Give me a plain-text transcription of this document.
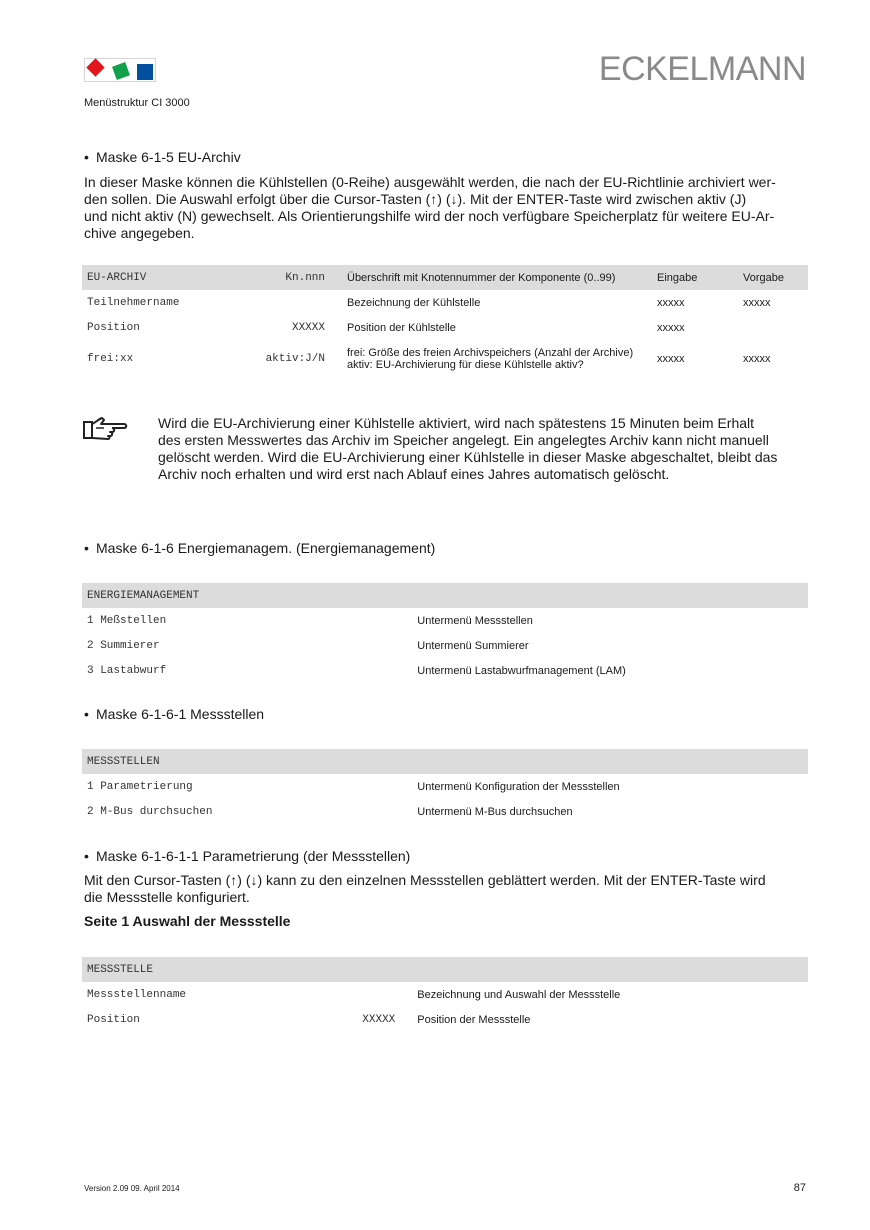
ECKELMANN
Menüstruktur CI 3000
• Maske 6-1-5 EU-Archiv
In dieser Maske können die Kühlstellen (0-Reihe) ausgewählt werden, die nach der EU-Richtlinie archiviert wer-
den sollen. Die Auswahl erfolgt über die Cursor-Tasten (↑) (↓). Mit der ENTER-Taste wird zwischen aktiv (J)
und nicht aktiv (N) gewechselt. Als Orientierungshilfe wird der noch verfügbare Speicherplatz für weitere EU-Ar-
chive angegeben.
EU-ARCHIV	Kn.nnn	Überschrift mit Knotennummer der Komponente (0..99)	Eingabe	Vorgabe
Teilnehmername		Bezeichnung der Kühlstelle	xxxxx	xxxxx
Position	XXXXX	Position der Kühlstelle	xxxxx	
frei:xx	aktiv:J/N	frei: Größe des freien Archivspeichers (Anzahl der Archive)
aktiv: EU-Archivierung für diese Kühlstelle aktiv?	xxxxx	xxxxx
Wird die EU-Archivierung einer Kühlstelle aktiviert, wird nach spätestens 15 Minuten beim Erhalt
des ersten Messwertes das Archiv im Speicher angelegt. Ein angelegtes Archiv kann nicht manuell
gelöscht werden. Wird die EU-Archivierung einer Kühlstelle in dieser Maske abgeschaltet, bleibt das
Archiv noch erhalten und wird erst nach Ablauf eines Jahres automatisch gelöscht.
• Maske 6-1-6 Energiemanagem. (Energiemanagement)
ENERGIEMANAGEMENT		
1 Meßstellen		Untermenü Messstellen
2 Summierer		Untermenü Summierer
3 Lastabwurf		Untermenü Lastabwurfmanagement (LAM)
• Maske 6-1-6-1 Messstellen
MESSSTELLEN		
1 Parametrierung		Untermenü Konfiguration der Messstellen
2 M-Bus durchsuchen		Untermenü M-Bus durchsuchen
• Maske 6-1-6-1-1 Parametrierung (der Messstellen)
Mit den Cursor-Tasten (↑) (↓) kann zu den einzelnen Messstellen geblättert werden. Mit der ENTER-Taste wird
die Messstelle konfiguriert.
Seite 1 Auswahl der Messstelle
MESSSTELLE		
Messstellenname		Bezeichnung und Auswahl der Messstelle
Position	XXXXX	Position der Messstelle
Version 2.09 09. April 2014	87
